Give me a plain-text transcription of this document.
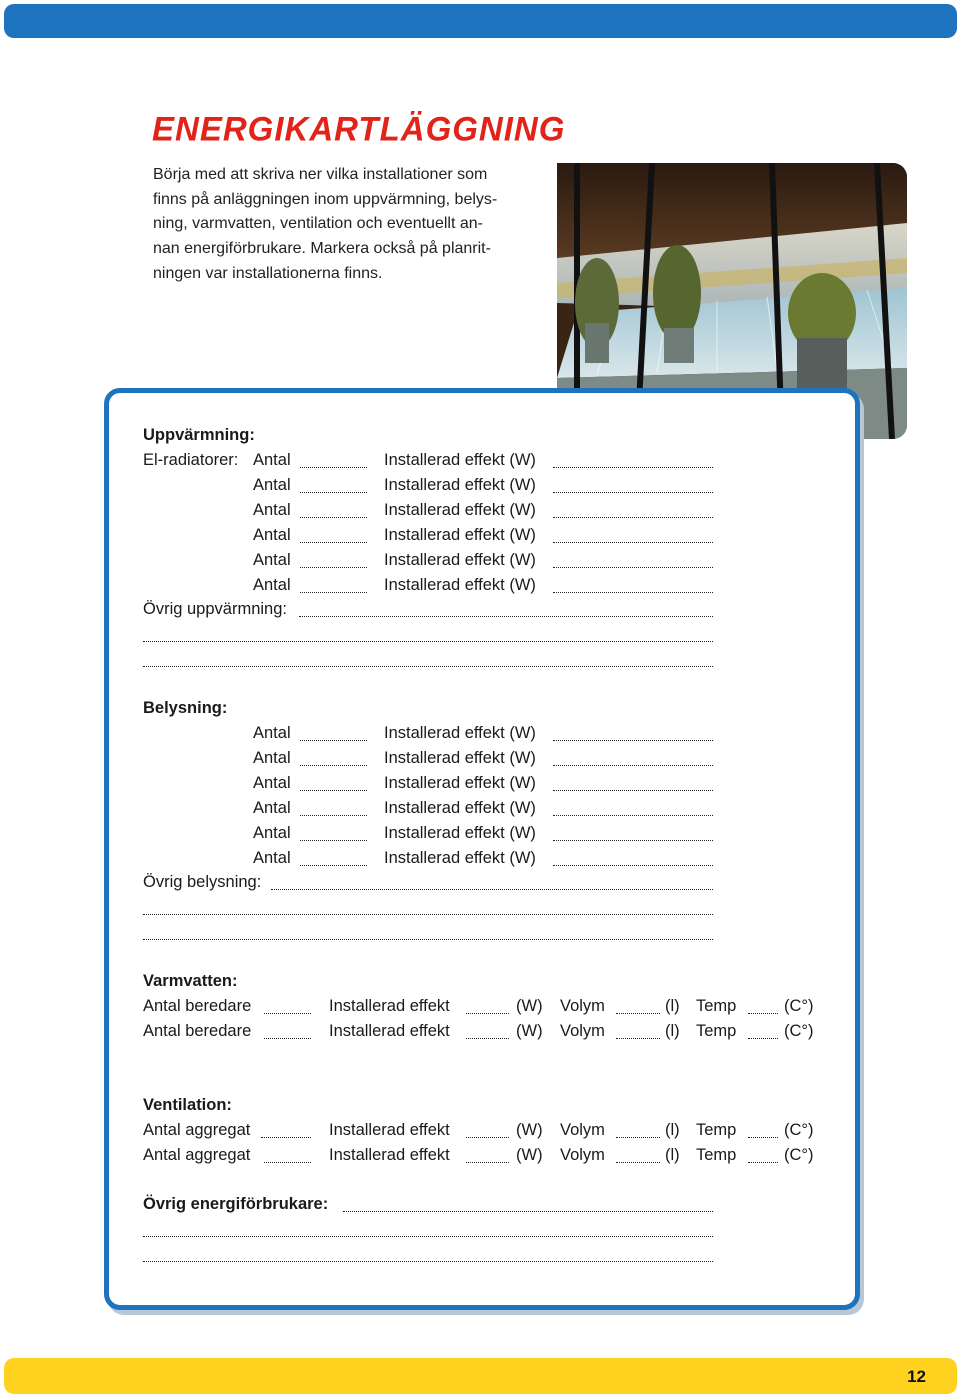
ENERGIKARTLÄGGNING
Börja med att skriva ner vilka installationer som
finns på anläggningen inom uppvärmning, belys-
ning, varmvatten, ventilation och eventuellt an-
nan energiförbrukare. Markera också på planrit-
ningen var installationerna finns.
Uppvärmning:
El-radiatorer: Antal	Installerad effekt (W)
Antal	Installerad effekt (W)
Antal	Installerad effekt (W)
Antal	Installerad effekt (W)
Antal	Installerad effekt (W)
Antal	Installerad effekt (W)
Övrig uppvärmning:
Belysning:
Antal	Installerad effekt (W)
Antal	Installerad effekt (W)
Antal	Installerad effekt (W)
Antal	Installerad effekt (W)
Antal	Installerad effekt (W)
Antal	Installerad effekt (W)
Övrig belysning:
Varmvatten:
Antal beredare	Installerad effekt	(W) Volym	(l) Temp	(C°)
Antal beredare	Installerad effekt	(W) Volym	(l) Temp	(C°)
Ventilation:
Antal aggregat	Installerad effekt	(W) Volym	(l) Temp	(C°)
Antal aggregat	Installerad effekt	(W) Volym	(l) Temp	(C°)
Övrig energiförbrukare:
12
